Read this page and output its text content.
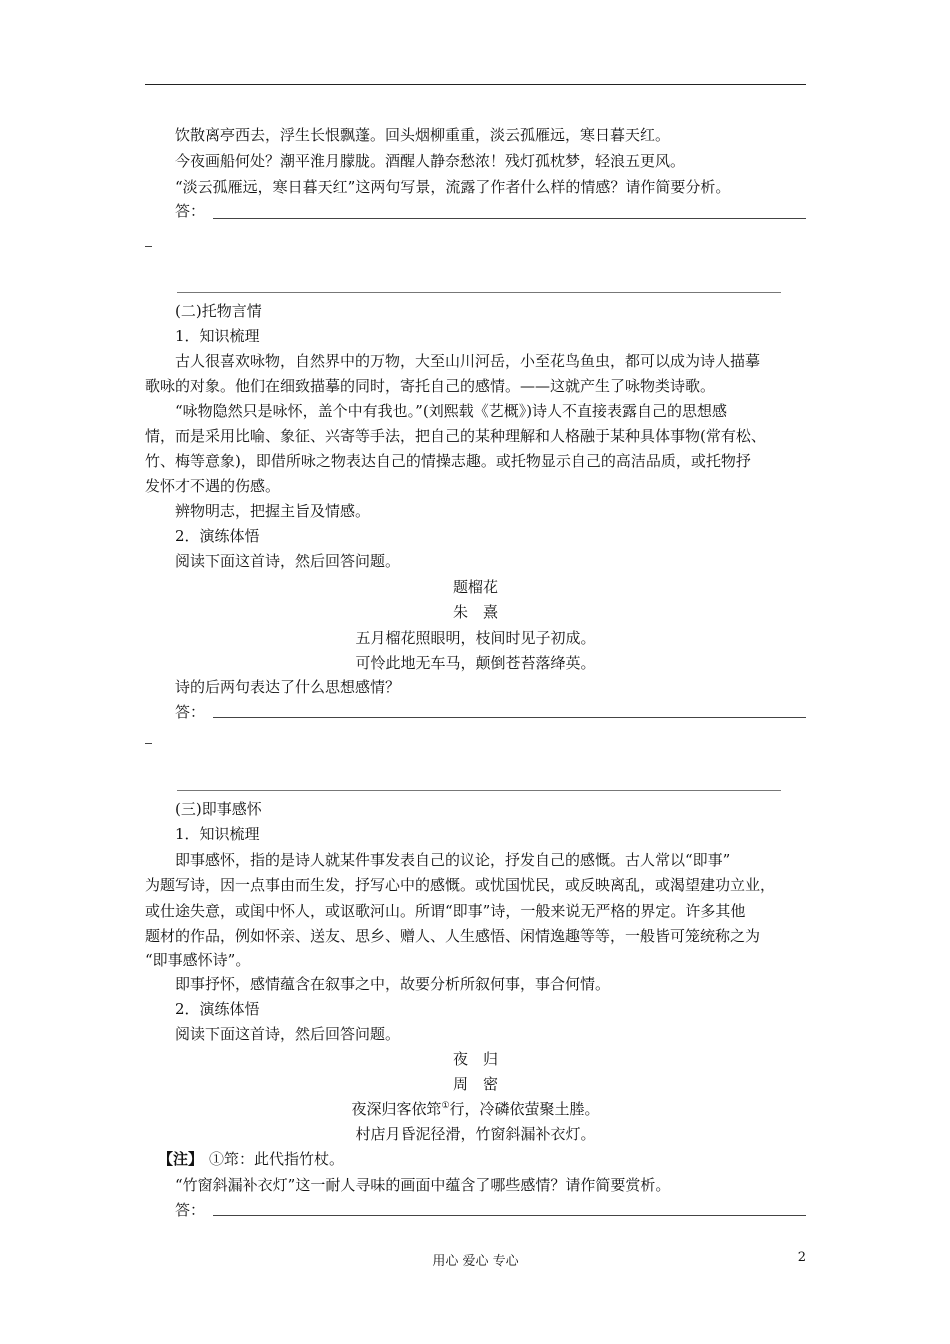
饮散离亭西去，浮生长恨飘蓬。回头烟柳重重，淡云孤雁远，寒日暮天红。
今夜画船何处？潮平淮月朦胧。酒醒人静奈愁浓！残灯孤枕梦，轻浪五更风。
“淡云孤雁远，寒日暮天红”这两句写景，流露了作者什么样的情感？请作简要分析。
答：
(二)托物言情
1．知识梳理
古人很喜欢咏物，自然界中的万物，大至山川河岳，小至花鸟鱼虫，都可以成为诗人描摹
歌咏的对象。他们在细致描摹的同时，寄托自己的感情。——这就产生了咏物类诗歌。
“咏物隐然只是咏怀，盖个中有我也。”(刘熙载《艺概》)诗人不直接表露自己的思想感
情，而是采用比喻、象征、兴寄等手法，把自己的某种理解和人格融于某种具体事物(常有松、
竹、梅等意象)，即借所咏之物表达自己的情操志趣。或托物显示自己的高洁品质，或托物抒
发怀才不遇的伤感。
辨物明志，把握主旨及情感。
2．演练体悟
阅读下面这首诗，然后回答问题。
题榴花
朱　熹
五月榴花照眼明，枝间时见子初成。
可怜此地无车马，颠倒苍苔落绛英。
诗的后两句表达了什么思想感情？
答：
(三)即事感怀
1．知识梳理
即事感怀，指的是诗人就某件事发表自己的议论，抒发自己的感慨。古人常以“即事”
为题写诗，因一点事由而生发，抒写心中的感慨。或忧国忧民，或反映离乱，或渴望建功立业，
或仕途失意，或闺中怀人，或讴歌河山。所谓“即事”诗，一般来说无严格的界定。许多其他
题材的作品，例如怀亲、送友、思乡、赠人、人生感悟、闲情逸趣等等，一般皆可笼统称之为
“即事感怀诗”。
即事抒怀，感情蕴含在叙事之中，故要分析所叙何事，事合何情。
2．演练体悟
阅读下面这首诗，然后回答问题。
夜　归
周　密
夜深归客依筇①行，冷磷依萤聚土塍。
村店月昏泥径滑，竹窗斜漏补衣灯。
【注】 ①筇：此代指竹杖。
“竹窗斜漏补衣灯”这一耐人寻味的画面中蕴含了哪些感情？请作简要赏析。
答：
用心 爱心 专心	2
